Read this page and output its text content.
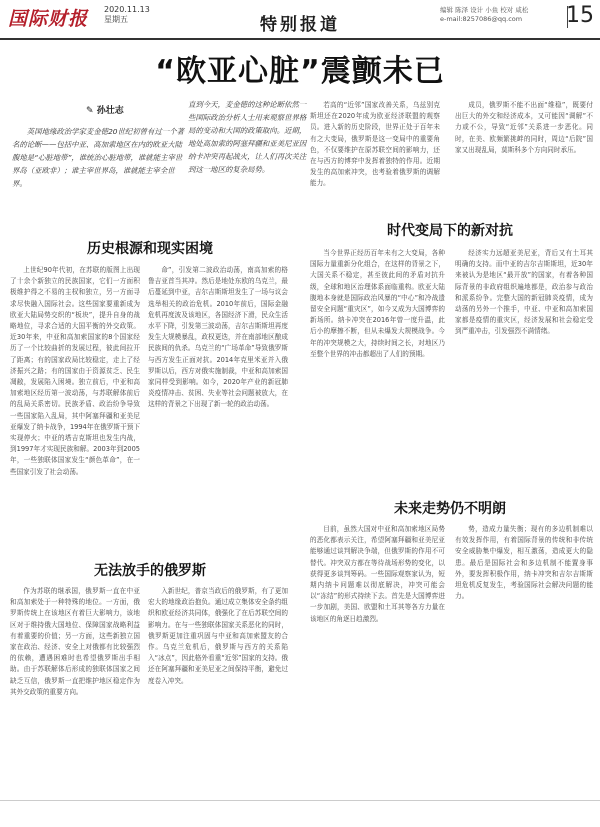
国际财报 2020.11.13
星期五	特别报道
编辑 陈泽 设计 小鱼 校对 咸松
e-mail:8257086@qq.com 15
“欧亚心脏”震颤未已
✎ 孙壮志
英国地缘政治学家麦金德20世纪初曾有过一个著名的论断——包括中亚、高加索地区在内的欧亚大陆腹地是“心脏地带”，谁统治心脏地带，谁就能主宰世界岛（亚欧非）；谁主宰世界岛，谁就能主宰全世界。
直到今天，麦金德的这种论断依然一些国际政治分析人士用来观察世界格局的变动和大国的政策取向。近期，地处高加索的阿塞拜疆和亚美尼亚因纳卡冲突再起战火，让人们再次关注到这一地区的复杂局势。
历史根源和现实困境
无法放手的俄罗斯
时代变局下的新对抗
未来走势仍不明朗
上世纪90年代初，在苏联的版图上出现了十余个新独立的民族国家，它们一方面积极维护得之不易的主权和独立，另一方面寻求尽快融入国际社会。这些国家要重新成为欧亚大陆局势交织的“板块”，提升自身的战略地位，寻求合适的大国平衡的外交政策。近30年来，中亚和高加索国家的8个国家经历了一个比较曲折的发展过程，彼此间拉开了距离；有的国家政局比较稳定，走上了经济振兴之路；有的国家由于资源贫乏、民生凋敝，发展陷入困境。独立前后，中亚和高加索地区经历第一波动荡，与苏联解体前后的乱局关系密切。民族矛盾、政治纷争导致一些国家陷入乱局，其中阿塞拜疆和亚美尼亚爆发了纳卡战争，1994年在俄罗斯干预下实现停火；中亚的塔吉克斯坦也发生内战，到1997年才实现民族和解。2003年到2005年，一些独联体国家发生“颜色革命”，在一些国家引发了社会动荡。
命”，引发第二波政治动荡，南高加索的格鲁吉亚首当其冲。然后是地处东欧的乌克兰，最后蔓延到中亚，吉尔吉斯斯坦发生了一场与议会选举相关的政治危机。2010年前后，国际金融危机再度波及该地区，各国经济下滑，民众生活水平下降，引发第三波动荡，吉尔吉斯斯坦再度发生大规模暴乱，政权更迭，并在南部地区酿成民族间的仇杀。乌克兰的“广场革命”导致俄罗斯与西方发生正面对抗。2014年克里米亚并入俄罗斯以后，西方对俄实施制裁，中亚和高加索国家同样受到影响。如今，2020年产业的新冠肺炎疫情冲击、贫困、失业等社会问题被放大，在这样的背景之下出现了新一轮的政治动荡。
若高的“近邻”国家改善关系，乌兹别克斯坦还在2020年成为欧亚经济联盟的观察员。进入新的历史阶段，世界正处于百年未有之大变局，俄罗斯是这一变局中的重要角色，不仅要维护在原苏联空间的影响力，还在与西方的博弈中发挥着独特的作用。近期发生的高加索冲突，也考验着俄罗斯的调解能力。
成员，俄罗斯不能不出面“维稳”，既要付出巨大的外交和经济成本，又可能因“调解”不力或不公，导致“近邻”关系进一步恶化。同时，在美、欧频繁挑衅的同时，周边“后院”国家又出现乱局，莫斯科多个方向同时承压。
当今世界正经历百年未有之大变局，各种国际力量重新分化组合，在这样的背景之下，大国关系不稳定，甚至彼此间的矛盾对抗升级，全球和地区治理体系面临重构。欧亚大陆腹地本身就是国际政治风暴的“中心”和冷战遗留安全问题“重灾区”，如今又成为大国博弈的新场所。纳卡冲突在2016年曾一度升温，此后小的摩擦不断，但从未爆发大规模战争。今年的冲突规模之大，持续时间之长，对地区乃至整个世界的冲击都超出了人们的预期。
经济实力远超亚美尼亚，背后又有土耳其明确的支持。而中亚的吉尔吉斯斯坦，近30年来被认为是地区“最开放”的国家，有着各种国际背景的非政府组织遍地都是，政治参与政治和派系纷争。完整大国的新冠肺炎疫情，成为动荡的另外一个推手，中亚、中亚和高加索国家都是疫情的重灾区，经济发展和社会稳定受到严重冲击，引发强烈不满情绪。
作为苏联的继承国，俄罗斯一直在中亚和高加索处于一种特殊的地位。一方面，俄罗斯传统上在该地区有着巨大影响力，该地区对于维持俄大国地位、保障国家战略利益有着重要的价值；另一方面，这些新独立国家在政治、经济、安全上对俄都有比较强烈的依赖，遭遇困难时也希望俄罗斯出手相助。由于苏联解体后形成的独联体国家之间缺乏互信，俄罗斯一直把维护地区稳定作为其外交政策的重要方向。
入新世纪，普京当政后的俄罗斯，有了更加宏大的地缘政治抱负。通过成立集体安全条约组织和欧亚经济共同体，俄强化了在后苏联空间的影响力。在与一些独联体国家关系恶化的同时，俄罗斯更加注重巩固与中亚和高加索盟友的合作。乌克兰危机后，俄罗斯与西方的关系陷入“冰点”，因此格外看重“近邻”国家的支持。俄还在阿塞拜疆和亚美尼亚之间保持平衡，避免过度卷入冲突。
目前，虽然大国对中亚和高加索地区局势的恶化都表示关注，希望阿塞拜疆和亚美尼亚能够通过谈判解决争端，但俄罗斯的作用不可替代。冲突双方都在等待战场形势的变化，以获得更多谈判筹码。一些国际观察家认为，短期内纳卡问题难以彻底解决，冲突可能会以“冻结”的形式持续下去。首先是大国博弈进一步加剧，美国、欧盟和土耳其等各方力量在该地区的角逐日趋激烈。
势，造成力量失衡；现有的多边机制难以有效发挥作用，有着国际背景的传统和非传统安全威胁集中爆发，相互激荡，造成更大的隐患。最后是国际社会和多边机制不能置身事外，要发挥积极作用，纳卡冲突和吉尔吉斯斯坦危机反复发生，考验国际社会解决问题的能力。
